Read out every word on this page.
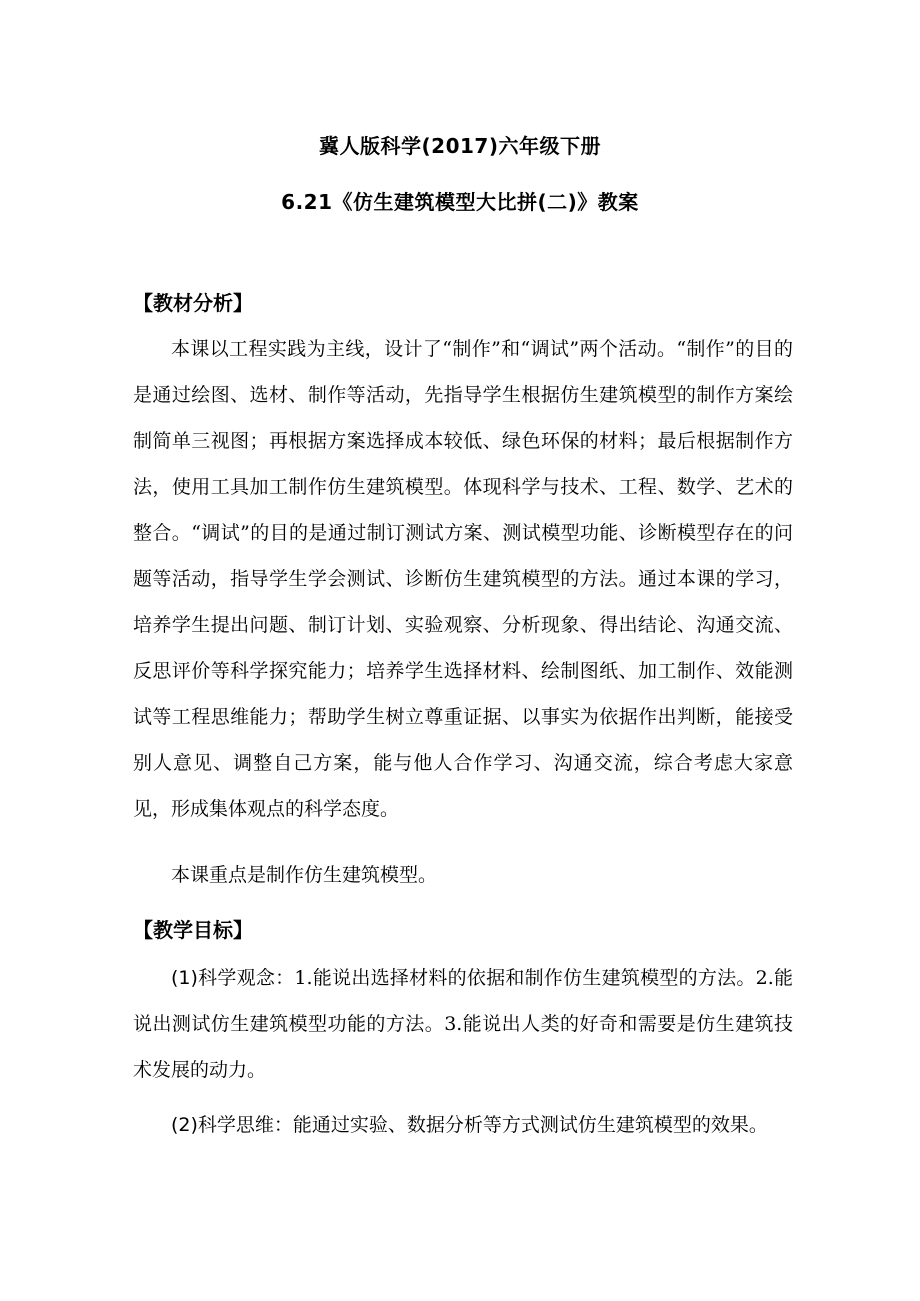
冀人版科学(2017)六年级下册
6.21《仿生建筑模型大比拼(二)》教案
【教材分析】

本课以工程实践为主线，设计了“制作”和“调试”两个活动。“制作”的目的是通过绘图、选材、制作等活动，先指导学生根据仿生建筑模型的制作方案绘制简单三视图；再根据方案选择成本较低、绿色环保的材料；最后根据制作方法，使用工具加工制作仿生建筑模型。体现科学与技术、工程、数学、艺术的整合。“调试”的目的是通过制订测试方案、测试模型功能、诊断模型存在的问题等活动，指导学生学会测试、诊断仿生建筑模型的方法。通过本课的学习，培养学生提出问题、制订计划、实验观察、分析现象、得出结论、沟通交流、反思评价等科学探究能力；培养学生选择材料、绘制图纸、加工制作、效能测试等工程思维能力；帮助学生树立尊重证据、以事实为依据作出判断，能接受别人意见、调整自己方案，能与他人合作学习、沟通交流，综合考虑大家意见，形成集体观点的科学态度。

本课重点是制作仿生建筑模型。

【教学目标】

(1)科学观念：1.能说出选择材料的依据和制作仿生建筑模型的方法。2.能说出测试仿生建筑模型功能的方法。3.能说出人类的好奇和需要是仿生建筑技术发展的动力。

(2)科学思维：能通过实验、数据分析等方式测试仿生建筑模型的效果。
